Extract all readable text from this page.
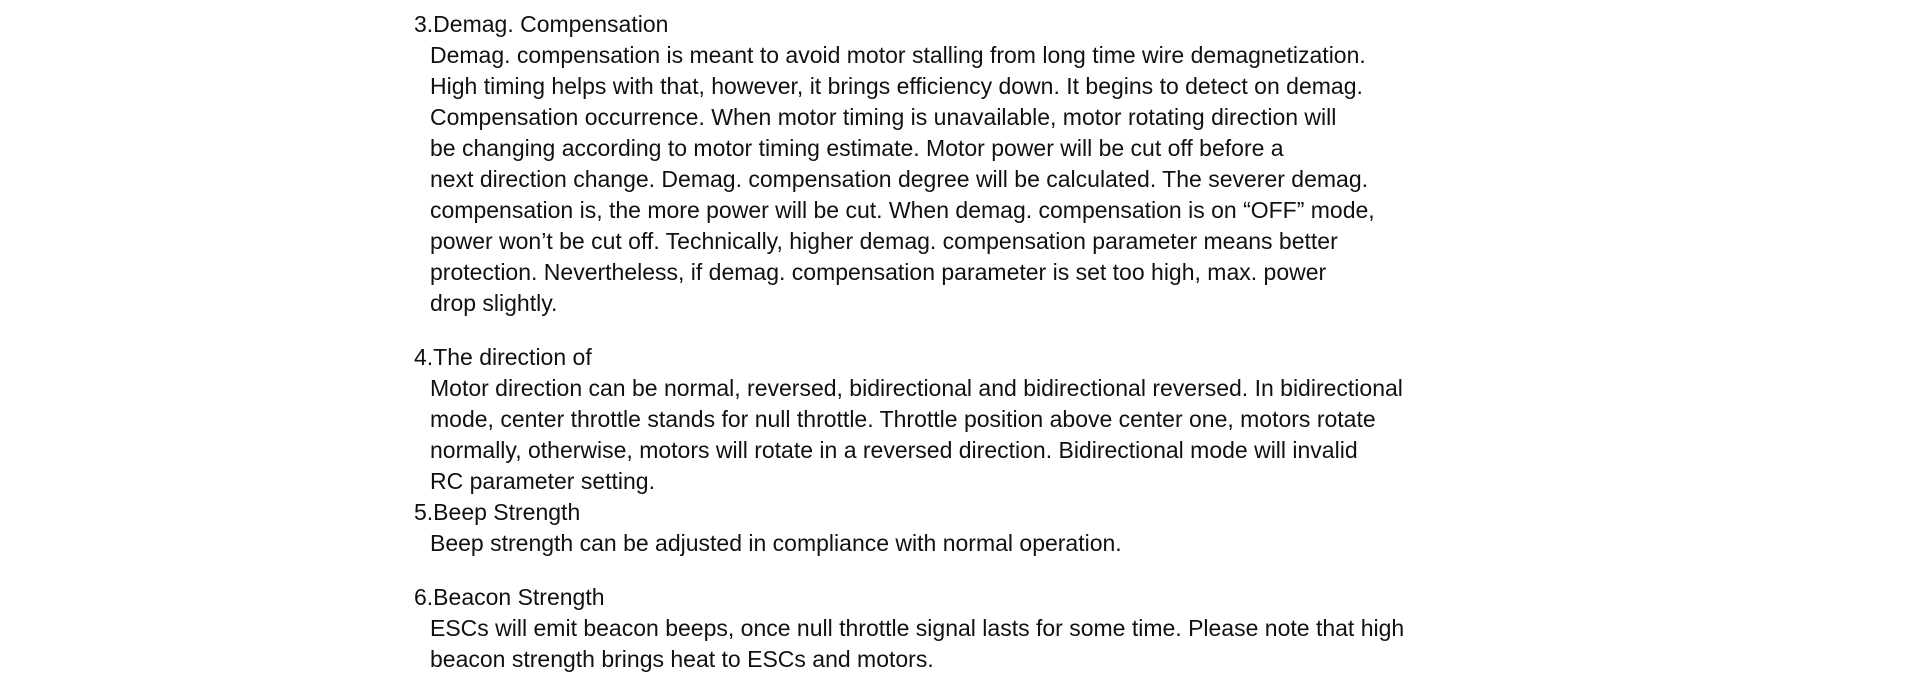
3.Demag. Compensation
Demag. compensation is meant to avoid motor stalling from long time wire demagnetization.
High timing helps with that, however, it brings efficiency down. It begins to detect on demag.
Compensation occurrence. When motor timing is unavailable, motor rotating direction will
be changing according to motor timing estimate. Motor power will be cut off before a
next direction change. Demag. compensation degree will be calculated. The severer demag.
compensation is, the more power will be cut. When demag. compensation is on “OFF” mode,
power won’t be cut off. Technically, higher demag. compensation parameter means better
protection. Nevertheless, if demag. compensation parameter is set too high, max. power
drop slightly.
4.The direction of
Motor direction can be normal, reversed, bidirectional and bidirectional reversed. In bidirectional
mode, center throttle stands for null throttle. Throttle position above center one, motors rotate
normally, otherwise, motors will rotate in a reversed direction. Bidirectional mode will invalid
RC parameter setting.
5.Beep Strength
Beep strength can be adjusted in compliance with normal operation.
6.Beacon Strength
ESCs will emit beacon beeps, once null throttle signal lasts for some time. Please note that high
beacon strength brings heat to ESCs and motors.
